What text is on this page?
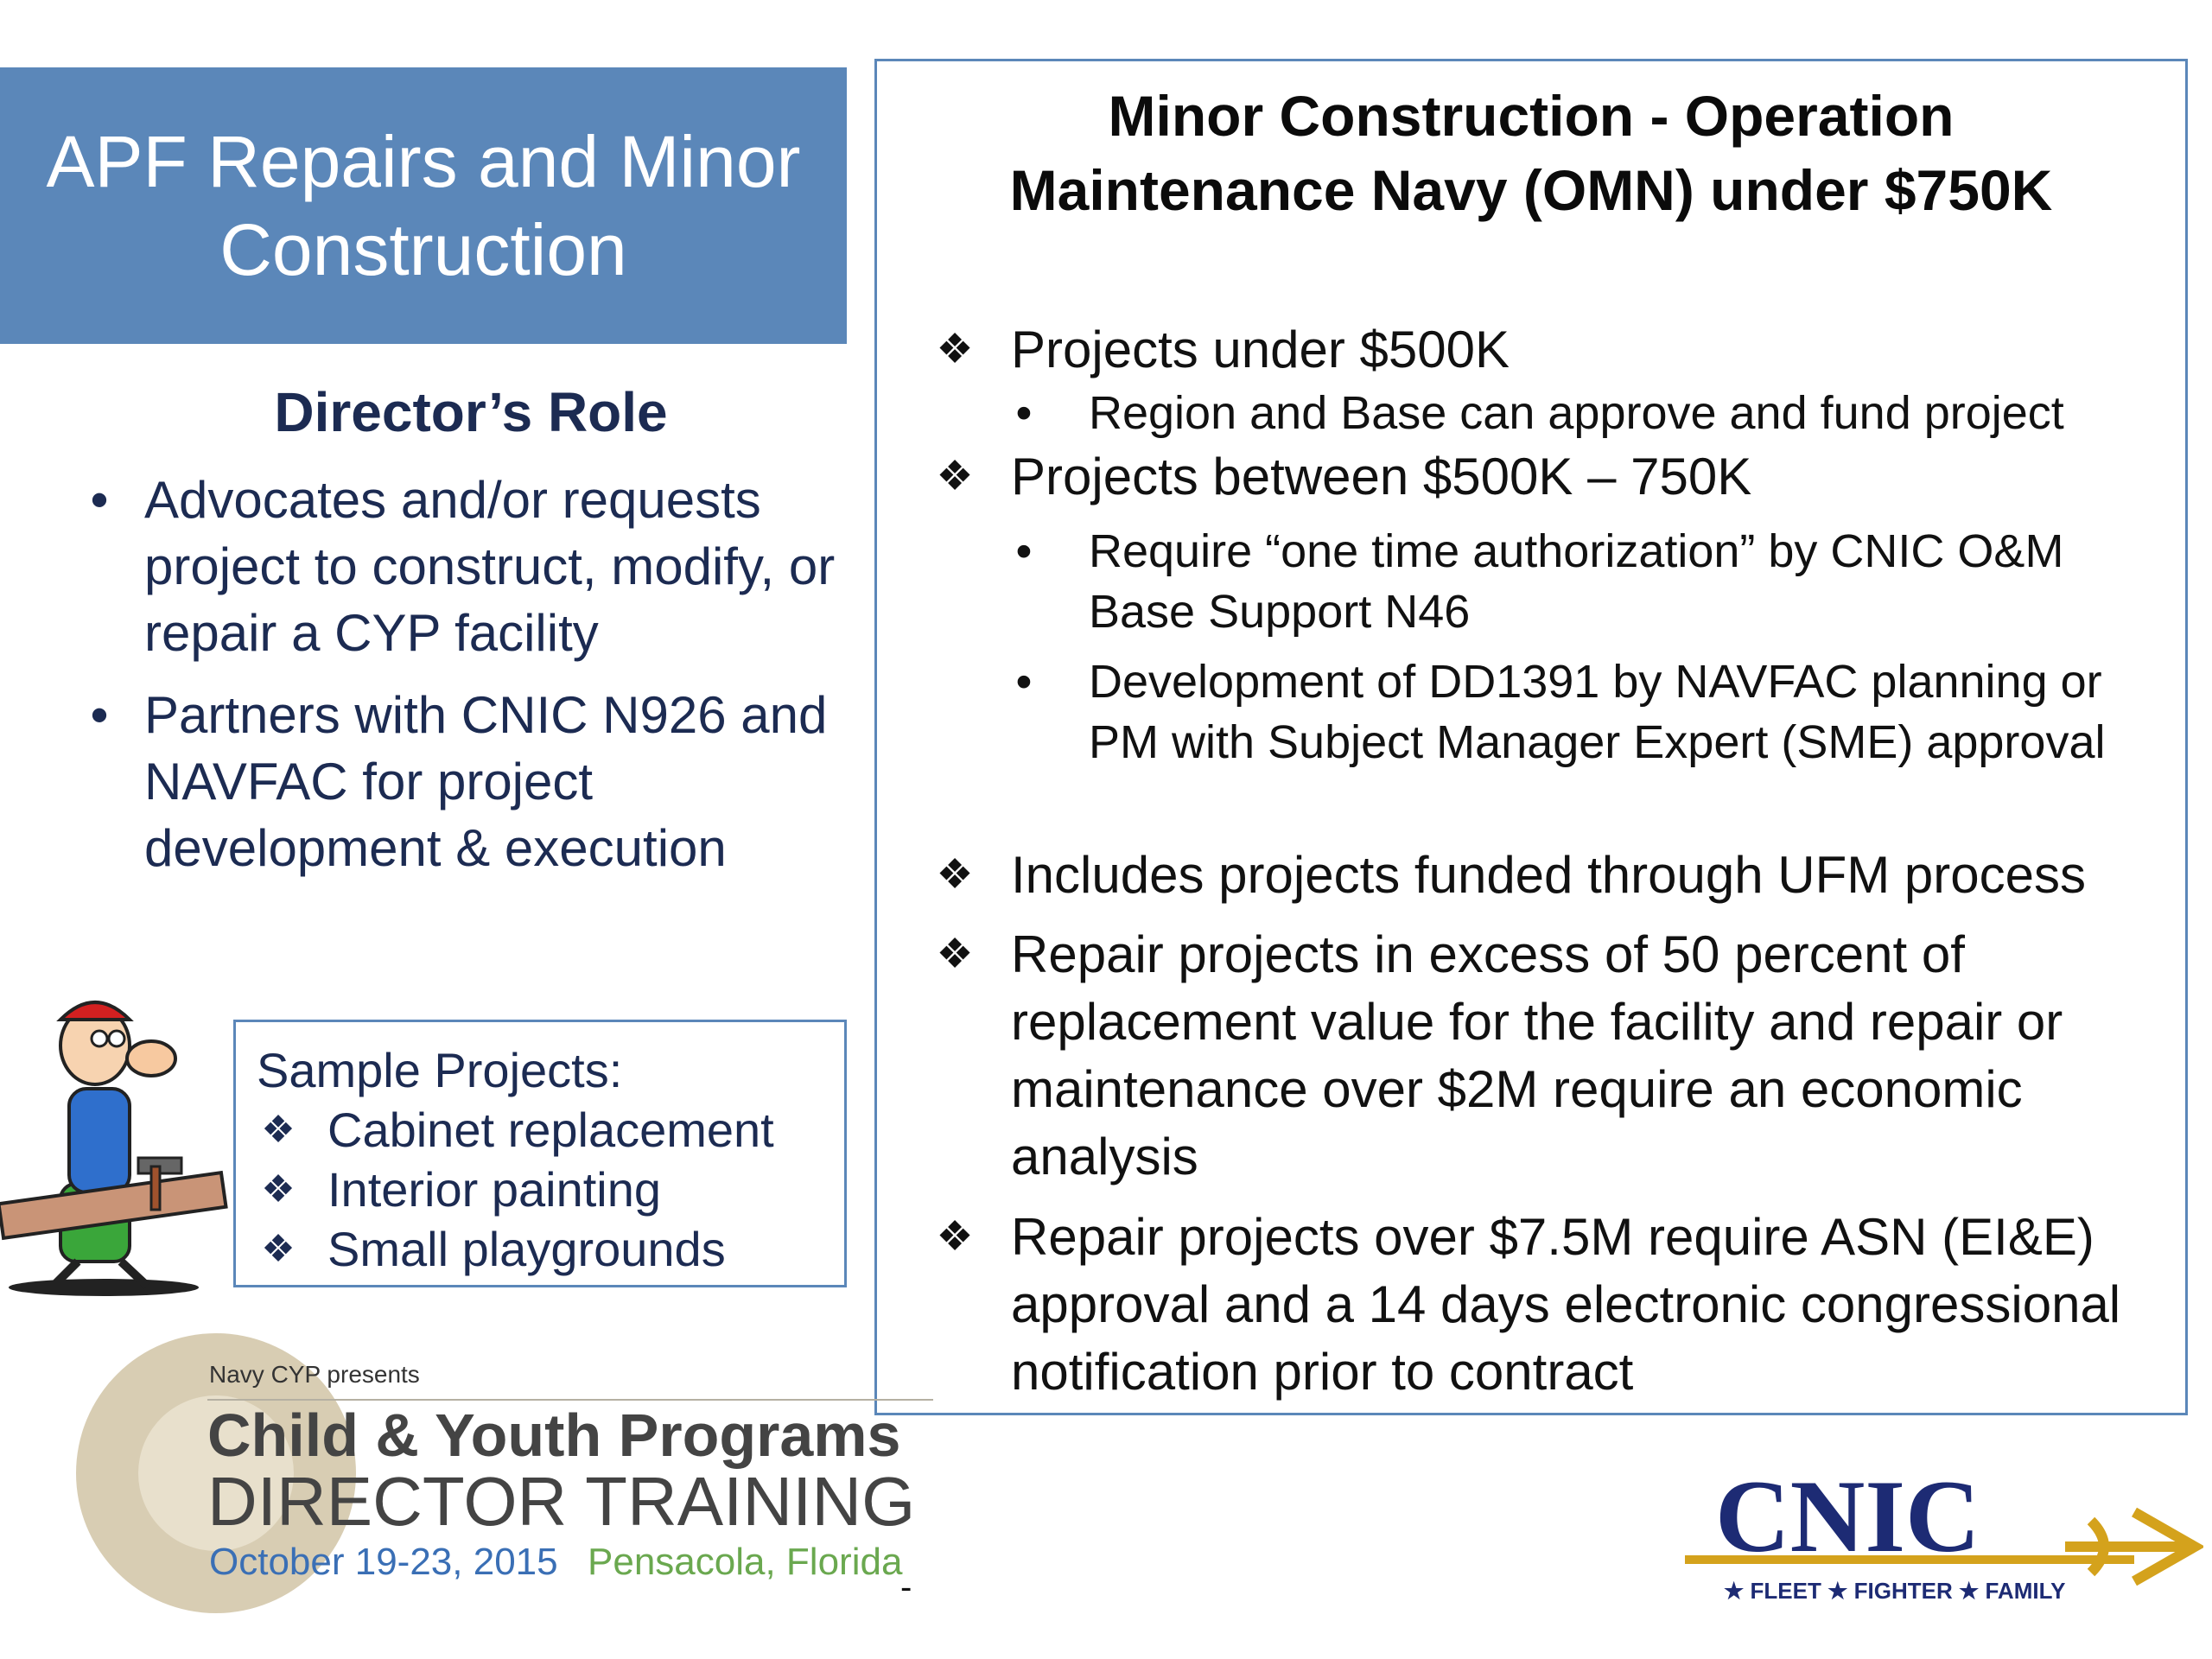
APF Repairs and Minor Construction
Director’s Role
• Advocates and/or requests project to construct, modify, or repair a CYP facility
• Partners with CNIC N926 and NAVFAC for project development & execution
Sample Projects:
❖ Cabinet replacement
❖ Interior painting
❖ Small playgrounds
Minor Construction - Operation
Maintenance Navy (OMN) under $750K
❖ Projects under $500K
• Region and Base can approve and fund project
❖ Projects between $500K – 750K
• Require “one time authorization” by CNIC O&M Base Support N46
• Development of DD1391 by NAVFAC planning or PM with Subject Manager Expert (SME) approval
❖ Includes projects funded through UFM process
❖ Repair projects in excess of 50 percent of replacement value for the facility and repair or maintenance over $2M require an economic analysis
❖ Repair projects over $7.5M require ASN (EI&E) approval and a 14 days electronic congressional notification prior to contract
Navy CYP presents
Child & Youth Programs
DIRECTOR TRAINING
October 19-23, 2015 Pensacola, Florida
-
CNIC
★ FLEET ★ FIGHTER ★ FAMILY
